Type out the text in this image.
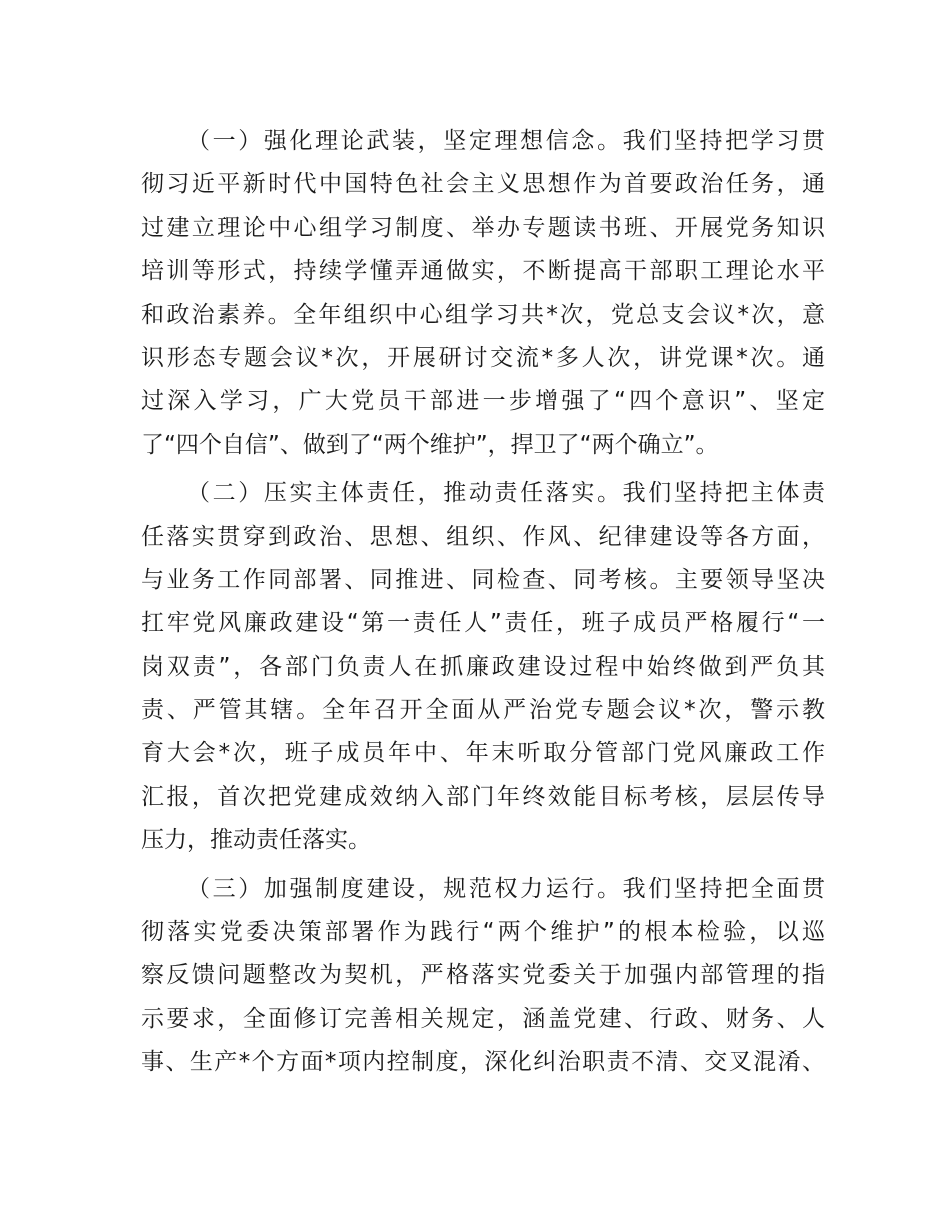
（一）强化理论武装，坚定理想信念。我们坚持把学习贯
彻习近平新时代中国特色社会主义思想作为首要政治任务，通
过建立理论中心组学习制度、举办专题读书班、开展党务知识
培训等形式，持续学懂弄通做实，不断提高干部职工理论水平
和政治素养。全年组织中心组学习共*次，党总支会议*次，意
识形态专题会议*次，开展研讨交流*多人次，讲党课*次。通
过深入学习，广大党员干部进一步增强了“四个意识”、坚定
了“四个自信”、做到了“两个维护”，捍卫了“两个确立”。
（二）压实主体责任，推动责任落实。我们坚持把主体责
任落实贯穿到政治、思想、组织、作风、纪律建设等各方面，
与业务工作同部署、同推进、同检查、同考核。主要领导坚决
扛牢党风廉政建设“第一责任人”责任，班子成员严格履行“一
岗双责”，各部门负责人在抓廉政建设过程中始终做到严负其
责、严管其辖。全年召开全面从严治党专题会议*次，警示教
育大会*次，班子成员年中、年末听取分管部门党风廉政工作
汇报，首次把党建成效纳入部门年终效能目标考核，层层传导
压力，推动责任落实。
（三）加强制度建设，规范权力运行。我们坚持把全面贯
彻落实党委决策部署作为践行“两个维护”的根本检验，以巡
察反馈问题整改为契机，严格落实党委关于加强内部管理的指
示要求，全面修订完善相关规定，涵盖党建、行政、财务、人
事、生产*个方面*项内控制度，深化纠治职责不清、交叉混淆、
